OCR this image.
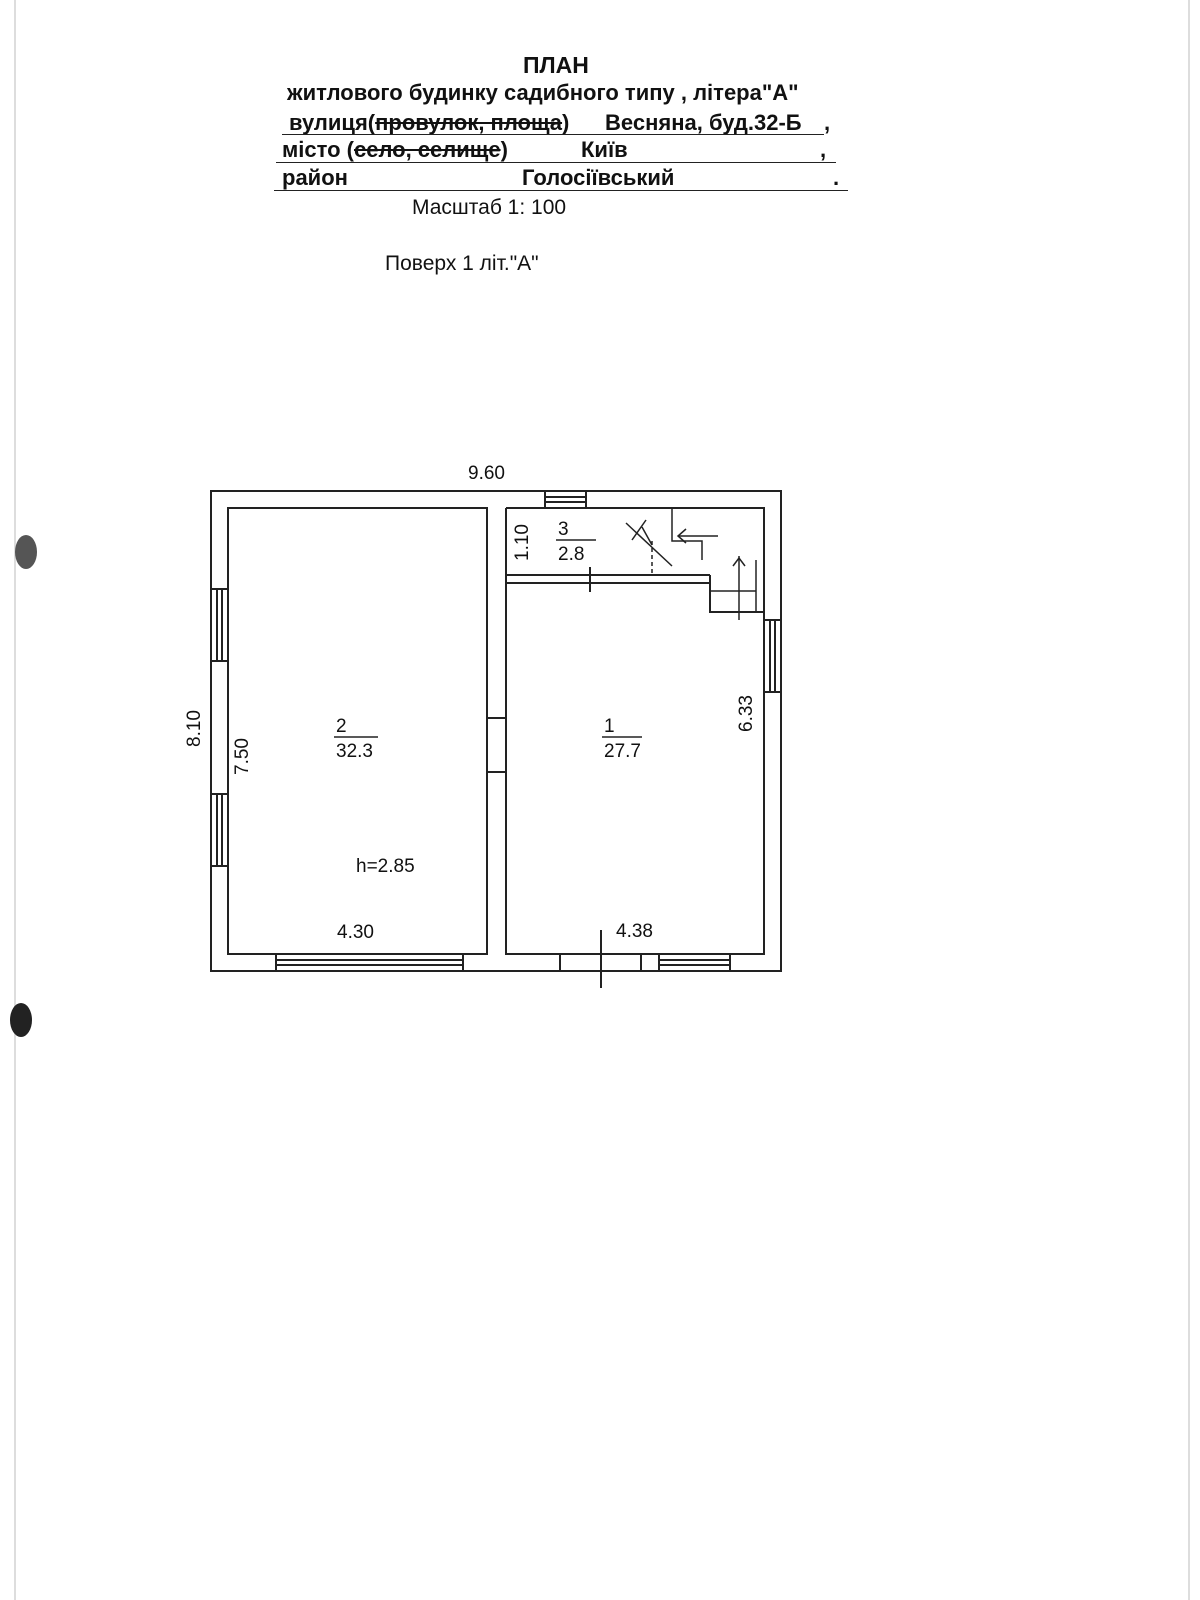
ПЛАН
житлового будинку садибного типу , літера"А"
вулиця(провулок, площа) Весняна, буд.32-Б ,
місто (село, селище)	Київ	,
район	Голосіївський	.
Масштаб 1: 100
Поверх 1 літ."А"
9.60
8.10
7.50
1.10
6.33
4.30	4.38
h=2.85
2
32.3
1
27.7
3
2.8
